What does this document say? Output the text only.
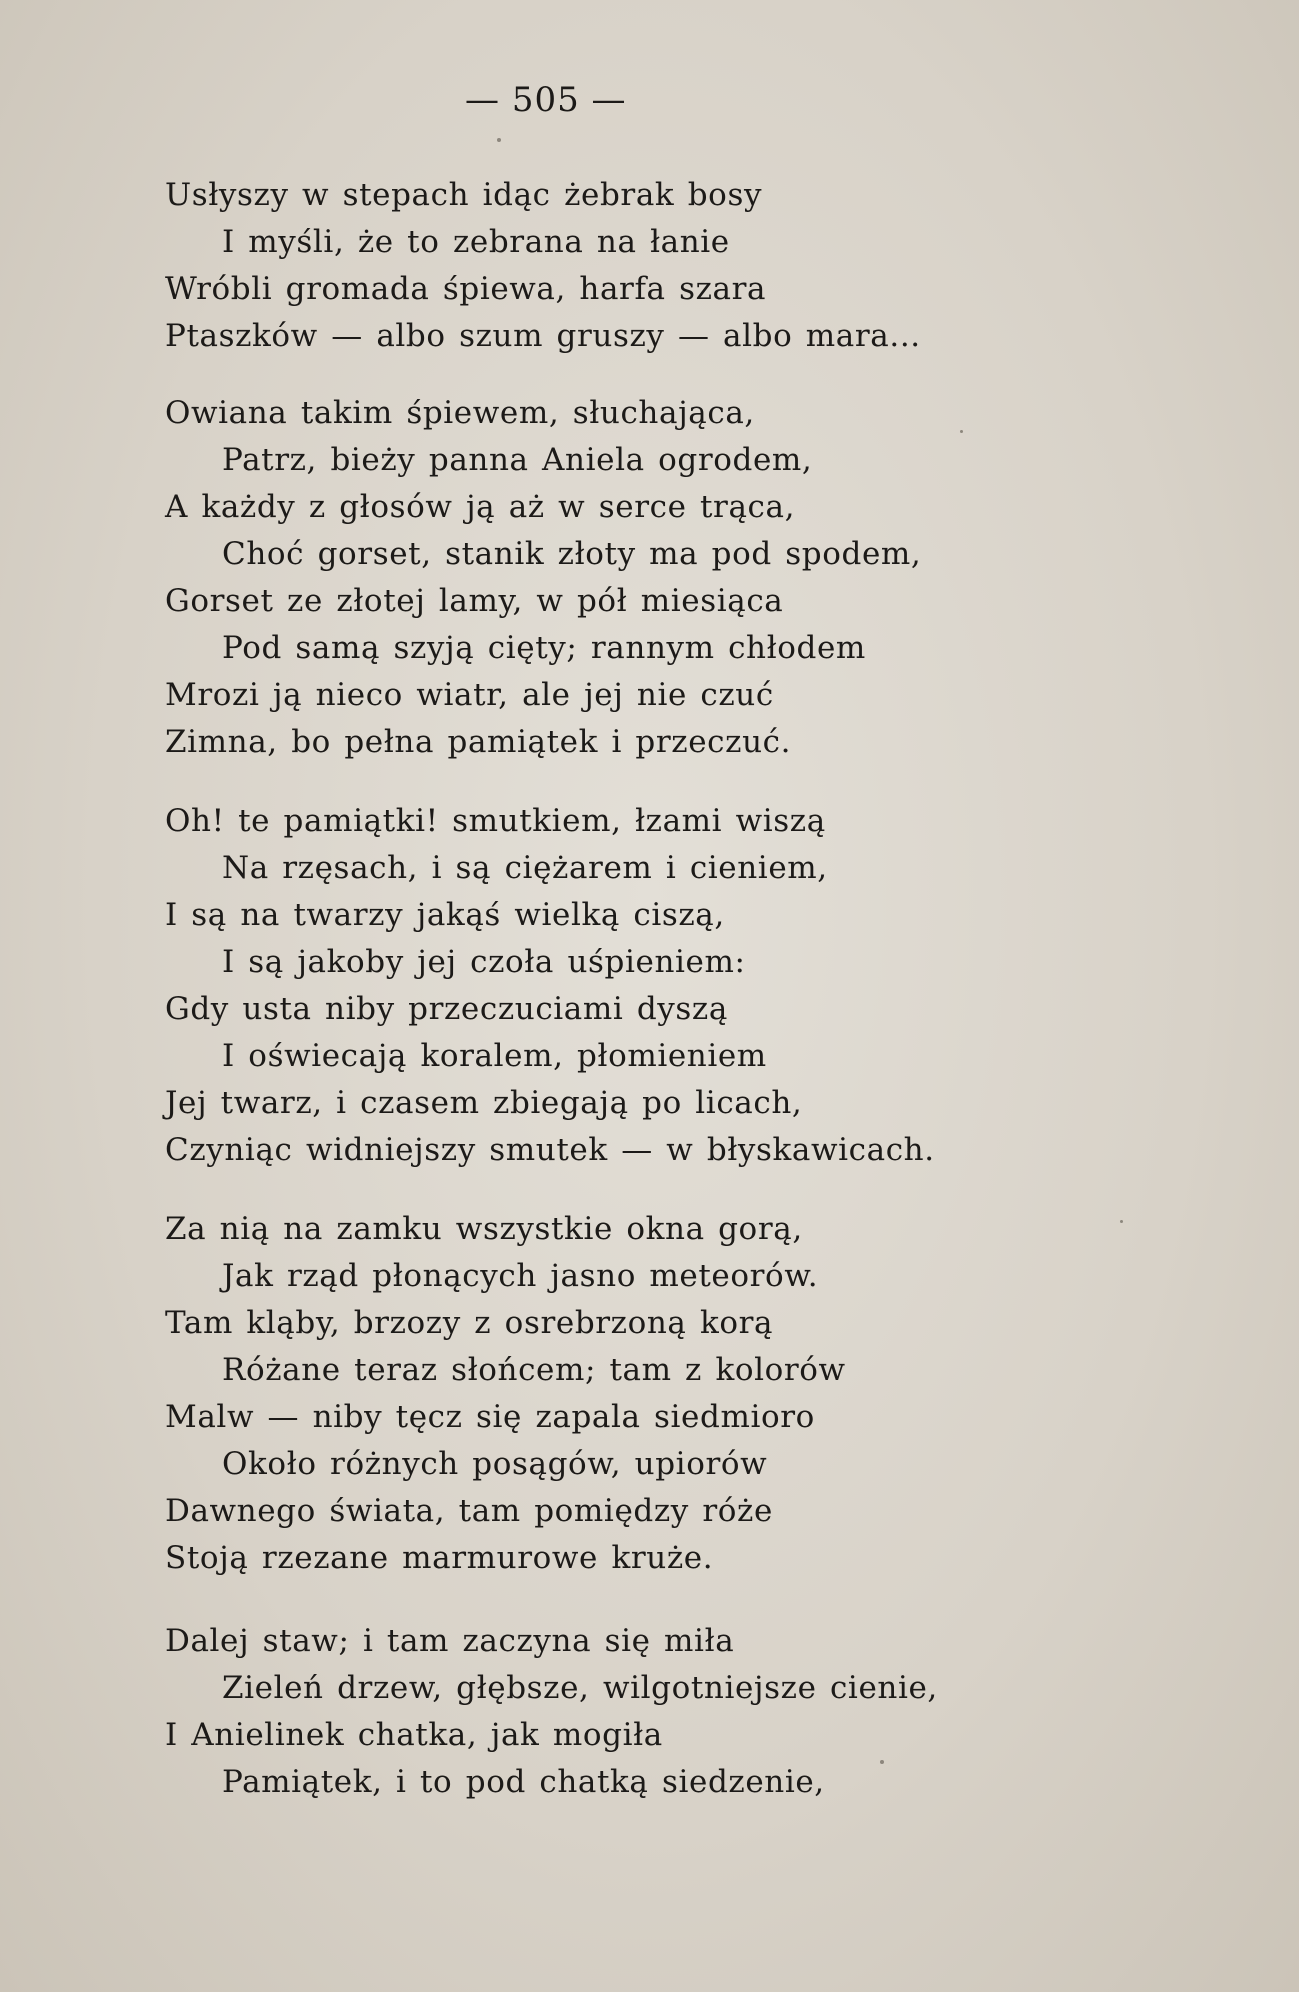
— 505 —
Usłyszy w stepach idąc żebrak bosy
I myśli, że to zebrana na łanie
Wróbli gromada śpiewa, harfa szara
Ptaszków — albo szum gruszy — albo mara...
Owiana takim śpiewem, słuchająca,
Patrz, bieży panna Aniela ogrodem,
A każdy z głosów ją aż w serce trąca,
Choć gorset, stanik złoty ma pod spodem,
Gorset ze złotej lamy, w pół miesiąca
Pod samą szyją cięty; rannym chłodem
Mrozi ją nieco wiatr, ale jej nie czuć
Zimna, bo pełna pamiątek i przeczuć.
Oh! te pamiątki! smutkiem, łzami wiszą
Na rzęsach, i są ciężarem i cieniem,
I są na twarzy jakąś wielką ciszą,
I są jakoby jej czoła uśpieniem:
Gdy usta niby przeczuciami dyszą
I oświecają koralem, płomieniem
Jej twarz, i czasem zbiegają po licach,
Czyniąc widniejszy smutek — w błyskawicach.
Za nią na zamku wszystkie okna gorą,
Jak rząd płonących jasno meteorów.
Tam kląby, brzozy z osrebrzoną korą
Różane teraz słońcem; tam z kolorów
Malw — niby tęcz się zapala siedmioro
Około różnych posągów, upiorów
Dawnego świata, tam pomiędzy róże
Stoją rzezane marmurowe kruże.
Dalej staw; i tam zaczyna się miła
Zieleń drzew, głębsze, wilgotniejsze cienie,
I Anielinek chatka, jak mogiła
Pamiątek, i to pod chatką siedzenie,
